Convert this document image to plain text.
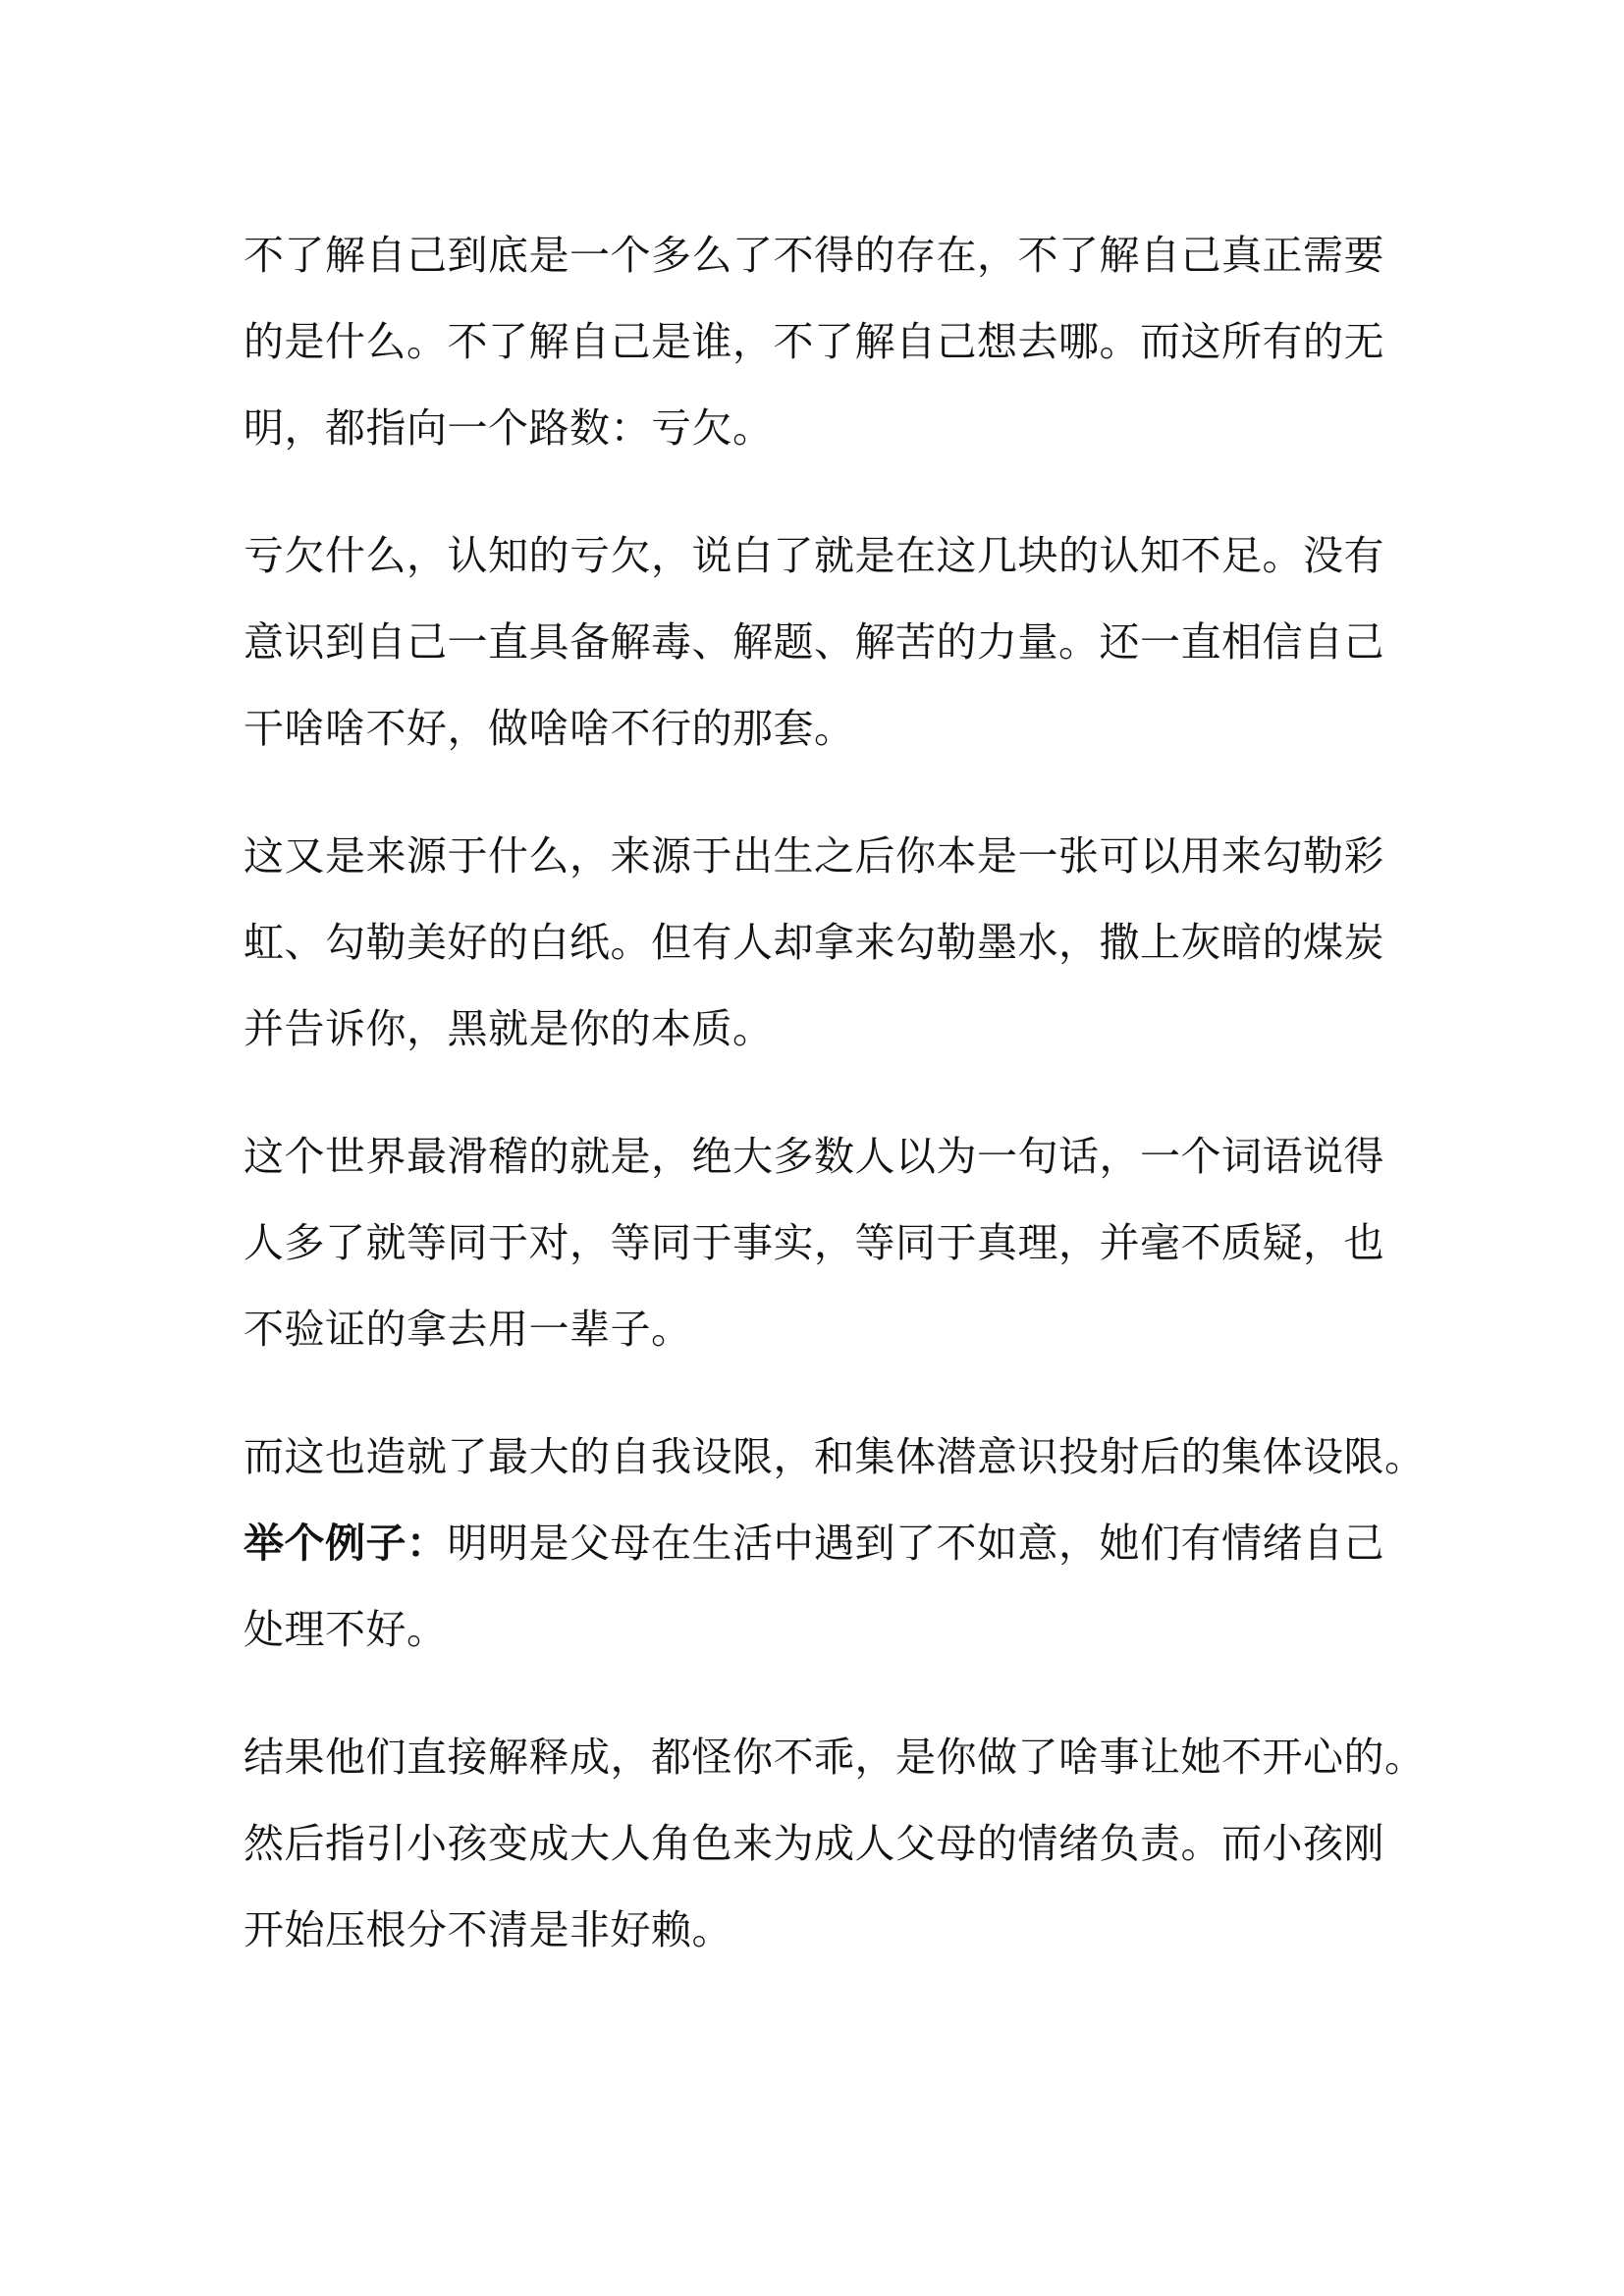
不了解自己到底是一个多么了不得的存在，不了解自己真正需要
的是什么。不了解自己是谁，不了解自己想去哪。而这所有的无
明，都指向一个路数：亏欠。

亏欠什么，认知的亏欠，说白了就是在这几块的认知不足。没有
意识到自己一直具备解毒、解题、解苦的力量。还一直相信自己
干啥啥不好，做啥啥不行的那套。

这又是来源于什么，来源于出生之后你本是一张可以用来勾勒彩
虹、勾勒美好的白纸。但有人却拿来勾勒墨水，撒上灰暗的煤炭
并告诉你，黑就是你的本质。

这个世界最滑稽的就是，绝大多数人以为一句话，一个词语说得
人多了就等同于对，等同于事实，等同于真理，并毫不质疑，也
不验证的拿去用一辈子。

而这也造就了最大的自我设限，和集体潜意识投射后的集体设限。
举个例子：明明是父母在生活中遇到了不如意，她们有情绪自己
处理不好。

结果他们直接解释成，都怪你不乖，是你做了啥事让她不开心的。
然后指引小孩变成大人角色来为成人父母的情绪负责。而小孩刚
开始压根分不清是非好赖。
